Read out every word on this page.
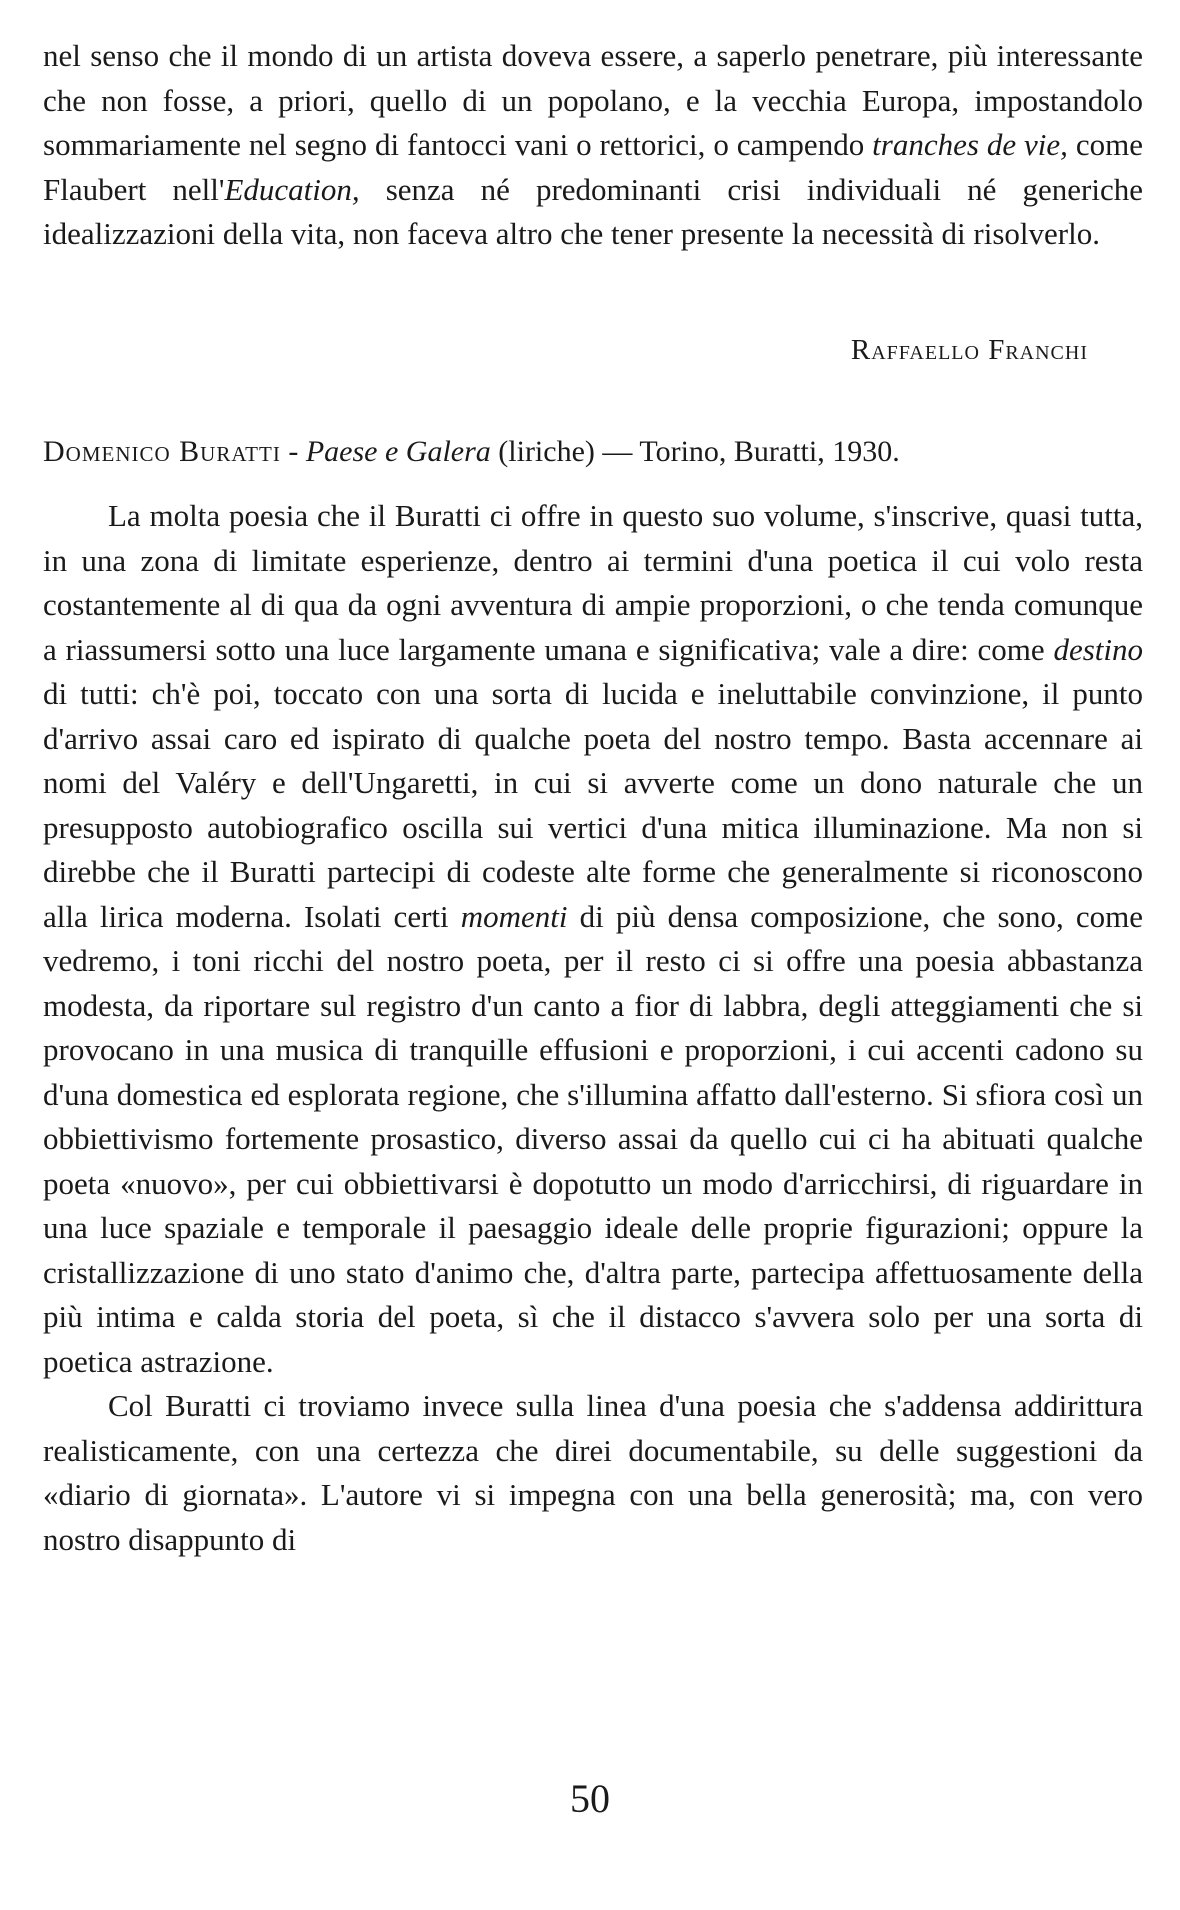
nel senso che il mondo di un artista doveva essere, a saperlo penetrare, più interessante che non fosse, a priori, quello di un popolano, e la vecchia Europa, impostandolo sommariamente nel segno di fantocci vani o rettorici, o campendo tranches de vie, come Flaubert nell'Education, senza né predominanti crisi individuali né generiche idealizzazioni della vita, non faceva altro che tener presente la necessità di risolverlo.

Raffaello Franchi
Domenico Buratti - Paese e Galera (liriche) — Torino, Buratti, 1930.

La molta poesia che il Buratti ci offre in questo suo volume, s'inscrive, quasi tutta, in una zona di limitate esperienze, dentro ai termini d'una poetica il cui volo resta costantemente al di qua da ogni avventura di ampie proporzioni, o che tenda comunque a riassumersi sotto una luce largamente umana e significativa; vale a dire: come destino di tutti: ch'è poi, toccato con una sorta di lucida e ineluttabile convinzione, il punto d'arrivo assai caro ed ispirato di qualche poeta del nostro tempo. Basta accennare ai nomi del Valéry e dell'Ungaretti, in cui si avverte come un dono naturale che un presupposto autobiografico oscilla sui vertici d'una mitica illuminazione. Ma non si direbbe che il Buratti partecipi di codeste alte forme che generalmente si riconoscono alla lirica moderna. Isolati certi momenti di più densa composizione, che sono, come vedremo, i toni ricchi del nostro poeta, per il resto ci si offre una poesia abbastanza modesta, da riportare sul registro d'un canto a fior di labbra, degli atteggiamenti che si provocano in una musica di tranquille effusioni e proporzioni, i cui accenti cadono su d'una domestica ed esplorata regione, che s'illumina affatto dall'esterno. Si sfiora così un obbiettivismo fortemente prosastico, diverso assai da quello cui ci ha abituati qualche poeta «nuovo», per cui obbiettivarsi è dopotutto un modo d'arricchirsi, di riguardare in una luce spaziale e temporale il paesaggio ideale delle proprie figurazioni; oppure la cristallizzazione di uno stato d'animo che, d'altra parte, partecipa affettuosamente della più intima e calda storia del poeta, sì che il distacco s'avvera solo per una sorta di poetica astrazione.

Col Buratti ci troviamo invece sulla linea d'una poesia che s'addensa addirittura realisticamente, con una certezza che direi documentabile, su delle suggestioni da «diario di giornata». L'autore vi si impegna con una bella generosità; ma, con vero nostro disappunto di

50
